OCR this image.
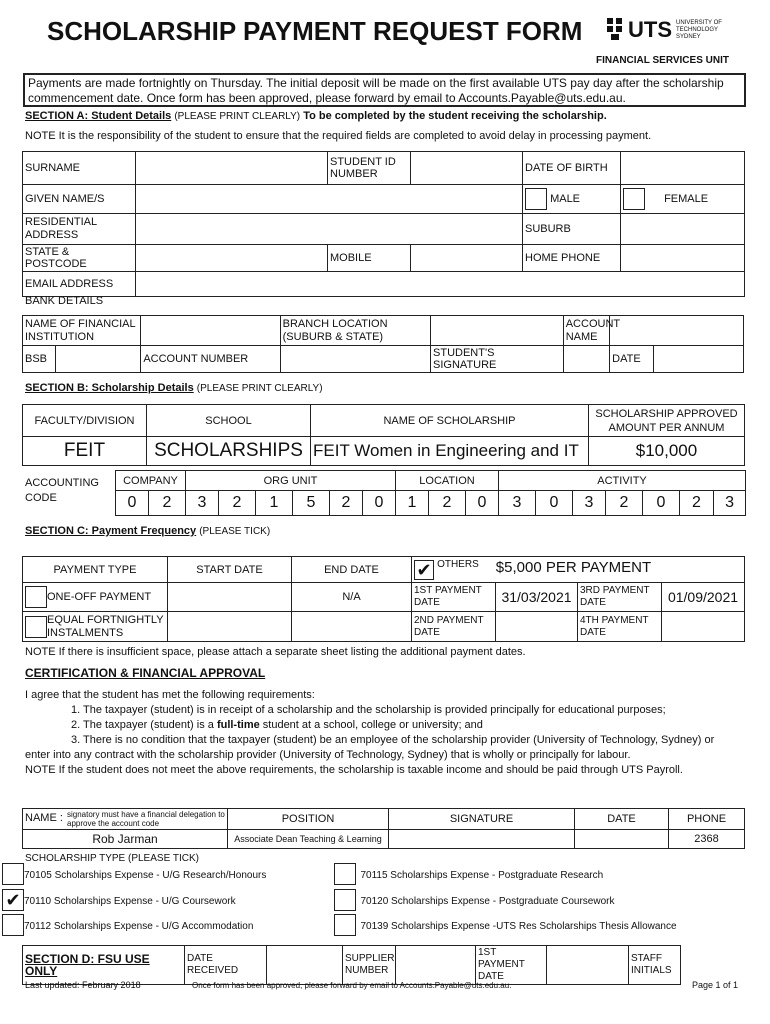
SCHOLARSHIP PAYMENT REQUEST FORM UTS UNIVERSITY OF TECHNOLOGY SYDNEY
FINANCIAL SERVICES UNIT
Payments are made fortnightly on Thursday. The initial deposit will be made on the first available UTS pay day after the scholarship commencement date. Once form has been approved, please forward by email to Accounts.Payable@uts.edu.au.
SECTION A: Student Details (PLEASE PRINT CLEARLY) To be completed by the student receiving the scholarship.
NOTE It is the responsibility of the student to ensure that the required fields are completed to avoid delay in processing payment.
SURNAME		STUDENT ID NUMBER		DATE OF BIRTH	
GIVEN NAME/S				MALE	FEMALE
RESIDENTIAL ADDRESS				SUBURB	
STATE & POSTCODE		MOBILE		HOME PHONE	
EMAIL ADDRESS					
BANK DETAILS
NAME OF FINANCIAL INSTITUTION			BRANCH LOCATION (SUBURB & STATE)		ACCOUNT NAME		
BSB		ACCOUNT NUMBER		STUDENT'S SIGNATURE		DATE	
SECTION B: Scholarship Details (PLEASE PRINT CLEARLY)
FACULTY/DIVISION	SCHOOL	NAME OF SCHOLARSHIP	SCHOLARSHIP APPROVED AMOUNT PER ANNUM
FEIT	SCHOLARSHIPS	FEIT Women in Engineering and IT	$10,000
ACCOUNTING CODE
COMPANY		ORG UNIT						LOCATION			ACTIVITY						
0	2	3	2	1	5	2	0	1	2	0	3	0	3	2	0	2	3
SECTION C: Payment Frequency (PLEASE TICK)
PAYMENT TYPE	START DATE	END DATE	✔ OTHERS $5,000 PER PAYMENT			
ONE-OFF PAYMENT		N/A	1ST PAYMENT DATE	31/03/2021	3RD PAYMENT DATE	01/09/2021

EQUAL FORTNIGHTLY INSTALMENTS			2ND PAYMENT DATE		4TH PAYMENT DATE	
NOTE If there is insufficient space, please attach a separate sheet listing the additional payment dates.
CERTIFICATION & FINANCIAL APPROVAL
I agree that the student has met the following requirements:
1. The taxpayer (student) is in receipt of a scholarship and the scholarship is provided principally for educational purposes;
2. The taxpayer (student) is a full-time student at a school, college or university; and
3. There is no condition that the taxpayer (student) be an employee of the scholarship provider (University of Technology, Sydney) or enter into any contract with the scholarship provider (University of Technology, Sydney) that is wholly or principally for labour.
NOTE If the student does not meet the above requirements, the scholarship is taxable income and should be paid through UTS Payroll.
NAME : signatory must have a financial delegation to approve the account code	POSITION	SIGNATURE	DATE	PHONE
Rob Jarman	Associate Dean Teaching & Learning			2368
SCHOLARSHIP TYPE (PLEASE TICK)
70105 Scholarships Expense - U/G Research/Honours	70115 Scholarships Expense - Postgraduate Research
✔ 70110 Scholarships Expense - U/G Coursework	70120 Scholarships Expense - Postgraduate Coursework
70112 Scholarships Expense - U/G Accommodation	70139 Scholarships Expense -UTS Res Scholarships Thesis Allowance
SECTION D: FSU USE ONLY	DATE RECEIVED		SUPPLIER NUMBER		1ST PAYMENT DATE		STAFF INITIALS
Last updated: February 2018	Once form has been approved, please forward by email to Accounts.Payable@uts.edu.au.	Page 1 of 1
